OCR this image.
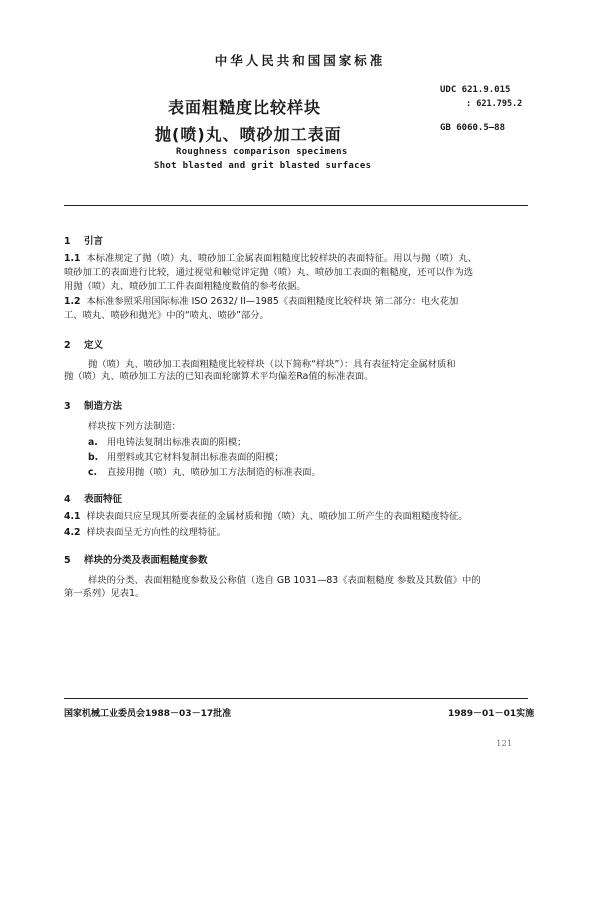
中华人民共和国国家标准
表面粗糙度比较样块
抛(喷)丸、喷砂加工表面
UDC 621.9.015
: 621.795.2
GB 6060.5—88
Roughness comparison specimens
Shot blasted and grit blasted surfaces
1 引言
1.1 本标准规定了抛（喷）丸、喷砂加工金属表面粗糙度比较样块的表面特征。用以与抛（喷）丸、
喷砂加工的表面进行比较，通过视觉和触觉评定抛（喷）丸、喷砂加工表面的粗糙度，还可以作为选
用抛（喷）丸、喷砂加工工件表面粗糙度数值的参考依据。
1.2 本标准参照采用国际标准 ISO 2632/ II—1985《表面粗糙度比较样块 第二部分：电火花加
工、喷丸、喷砂和抛光》中的“喷丸、喷砂”部分。
2 定义
抛（喷）丸、喷砂加工表面粗糙度比较样块（以下简称“样块”）：具有表征特定金属材质和
抛（喷）丸、喷砂加工方法的已知表面轮廓算术平均偏差Ra值的标准表面。
3 制造方法
样块按下列方法制造：
a. 用电铸法复制出标准表面的阳模；
b. 用塑料或其它材料复制出标准表面的阳模；
c. 直接用抛（喷）丸、喷砂加工方法制造的标准表面。
4 表面特征
4.1 样块表面只应呈现其所要表征的金属材质和抛（喷）丸、喷砂加工所产生的表面粗糙度特征。
4.2 样块表面呈无方向性的纹理特征。
5 样块的分类及表面粗糙度参数
样块的分类、表面粗糙度参数及公称值（选自 GB 1031—83《表面粗糙度 参数及其数值》中的
第一系列）见表1。
国家机械工业委员会1988－03－17批准	1989－01－01实施
121
